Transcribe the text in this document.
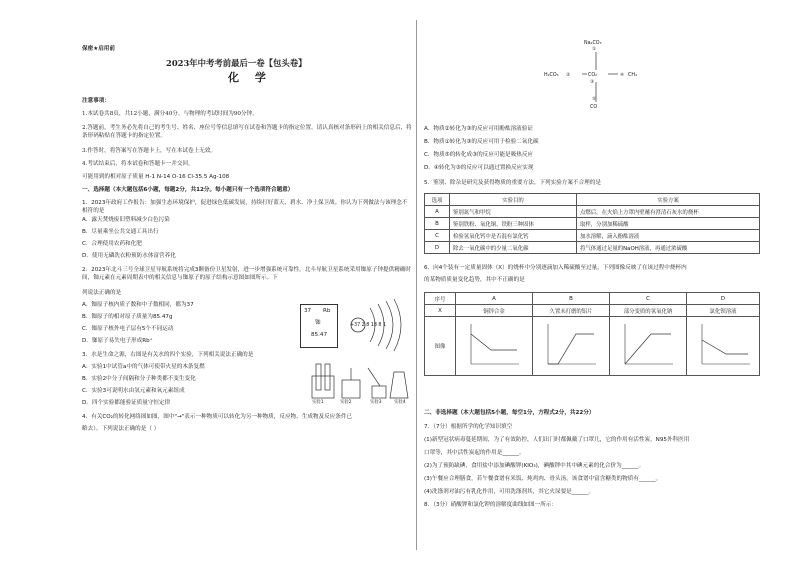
保密★启用前
2023年中考考前最后一卷【包头卷】
化 学
注意事项：
1.本试卷共8页，共12小题，满分40分。与物理的考试时间为90分钟。
2.答题前，考生务必先将自己的考生号、姓名、座位号等信息填写在试卷和答题卡的指定位置。请认真核对条形码上的相关信息后，将条形码粘贴在答题卡的指定位置。
3.作答时，将答案写在答题卡上，写在本试卷上无效。
4.考试结束后，将本试卷和答题卡一并交回。
可能用到的相对原子质量 H-1 N-14 O-16 Cl-35.5 Ag-108
一、选择题（本大题包括6小题，每题2分，共12分。每小题只有一个选项符合题意）
1．2023年政府工作报告：加强生态环境保护，促进绿色低碳发展，持续打好蓝天、碧水、净土保卫战。你认为下列做法与该理念不相符的是
A．露天焚烧废旧塑料减少白色污染
B．尽量乘坐公共交通工具出行
C．合理使用农药和化肥
D．使用无磷洗衣粉预防水体富营养化
2．2023年北斗三号全球卫星导航系统将完成3颗备份卫星发射，进一步增强系统可靠性。北斗导航卫星系统采用铷原子钟提供精确时间，铷元素在元素周期表中的相关信息与铷原子的原子结构示意图如图所示。下
列说法正确的是
A．铷原子核内质子数和中子数相同，都为37
B．铷原子的相对原子质量为85.47g
C．铷原子核外电子层有5个不同运动
D．铷原子易失电子形成Rb⁺
37 Rb
铷
85.47
+37 2 8 18 8 1
3．水是生命之源，右图是有关水的四个实验，下列相关说法正确的是
A．实验1中试管a中的气体可使带火星的木条复燃
B．实验2中分子间隔和分子种类都不变生变化
C．实验3可说明水由氢元素和氧元素组成
D．四个实验都能验证质量守恒定律	实验1	实验2	实验3	实验4
4．有关CO₂的转化网络图如图，图中"→"表示一种物质可以转化为另一种物质，反应物、生成物及反应条件已
略去）。下列说法正确的是（ ）
Na₂CO₃
①
H₂CO₃ ②	CO₂
③
④ CH₄
⑤
CO
A．物质②转化为③的反应可用酚酞溶液验证
B．物质①转化为③的反应可用于检验二氧化碳
C．物质⑤的转化成③的反应可能是吸热反应
D．④转化为③的反应可以通过置换反应实现
5．鉴别、除杂是研究及获得物质的重要方法。下列实验方案不合理的是
选项	实验目的	实验方案
A	鉴别氮气和甲烷	点燃后，在火焰上方罩内壁蘸有澄清石灰水的烧杯
B	鉴别铁粉、氧化铜、铁粉三种固体	取样，分别加稀硫酸
C	检验氢氧化钙中是否混有氯化钙	加水溶解，滴入酚酞溶液
D	除去一氧化碳中的少量二氧化碳	将气体通过足量的NaOH溶液，再通过浓硫酸
6．向4个装有一定质量固体（X）的烧杯中分别逐滴加入稀硫酸至过量，下列图像反映了在该过程中烧杯内
的某物质质量变化趋势，其中不正确的是
序号	A	B	C	D
X	铜锌合金	久置未打磨的铝片	部分变质的氢氧化钠	氯化钡溶液
图像				
二、非选择题（本大题包括5小题，每空1分，方程式2分，共22分）
7．（7分）根据所学的化学知识填空
(1)新型冠状病毒蔓延期间，为了有效防控，人们出门时都佩戴了口罩几，它的作用有活性炭，N95外科医用
口罩等，其中活性炭起的作用是______。
(2)为了预防缺碘，食用盐中添加碘酸钾(KIO₃)，碘酸钾中其中碘元素的化合价为______。
(3)午餐应合理膳食，若午餐食谱有米饭、炖鸡肉、骨头汤，该食谱中富含糖类的物质有______。
(4)洗涤剂对油污有乳化作用，可用洗涤剂其，其它火尿要是______。
8．（3分）硝酸钾和氯化钾的溶解度曲线如图一所示：
